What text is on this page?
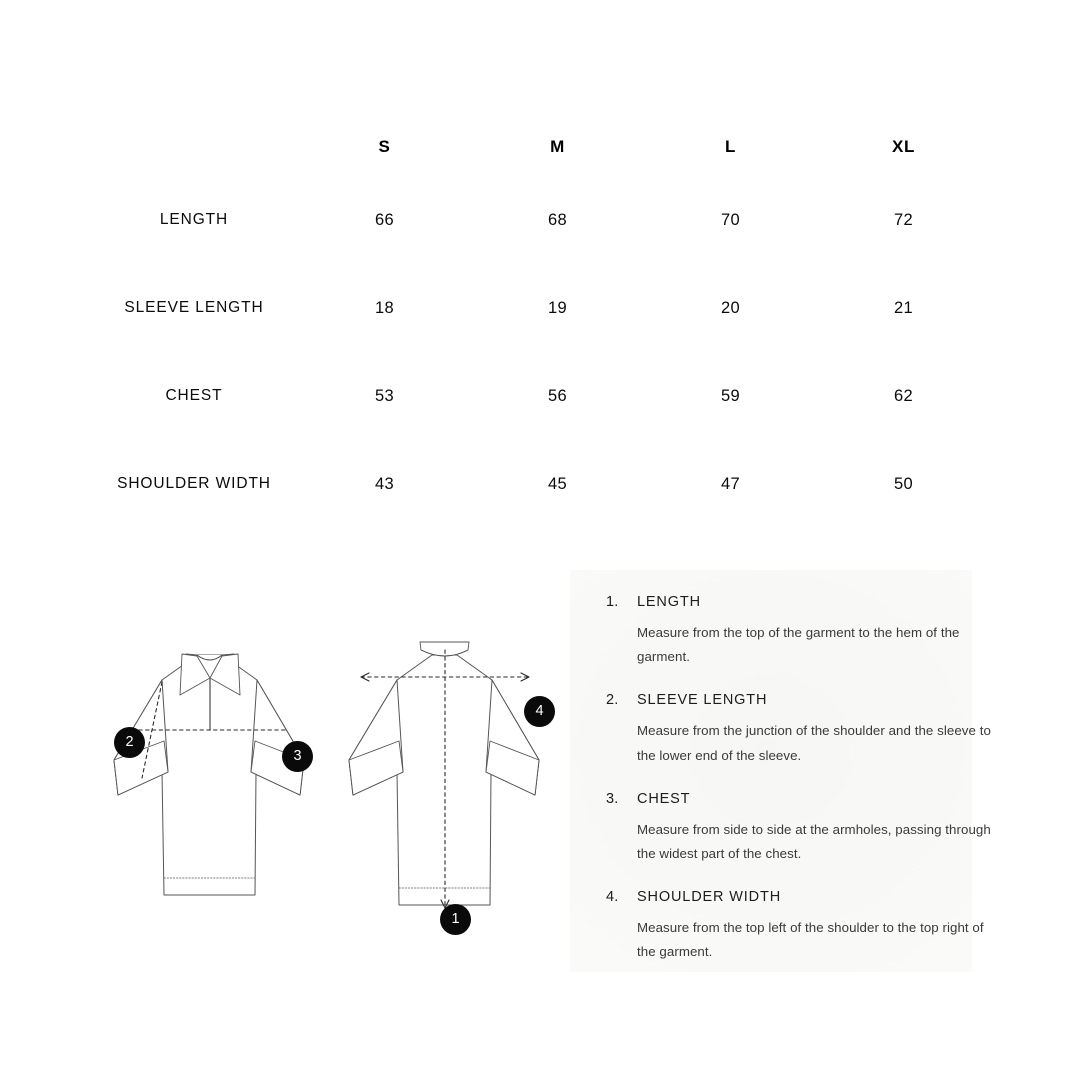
S	M	L	XL
LENGTH	66	68	70	72
SLEEVE LENGTH	18	19	20	21
CHEST	53	56	59	62
SHOULDER WIDTH	43	45	47	50
1
2
3
4
1.	LENGTH
Measure from the top of the garment to the hem of the garment.
2.	SLEEVE LENGTH
Measure from the junction of the shoulder and the sleeve to the lower end of the sleeve.
3.	CHEST
Measure from side to side at the armholes, passing through the widest part of the chest.
4.	SHOULDER WIDTH
Measure from the top left of the shoulder to the top right of the garment.
